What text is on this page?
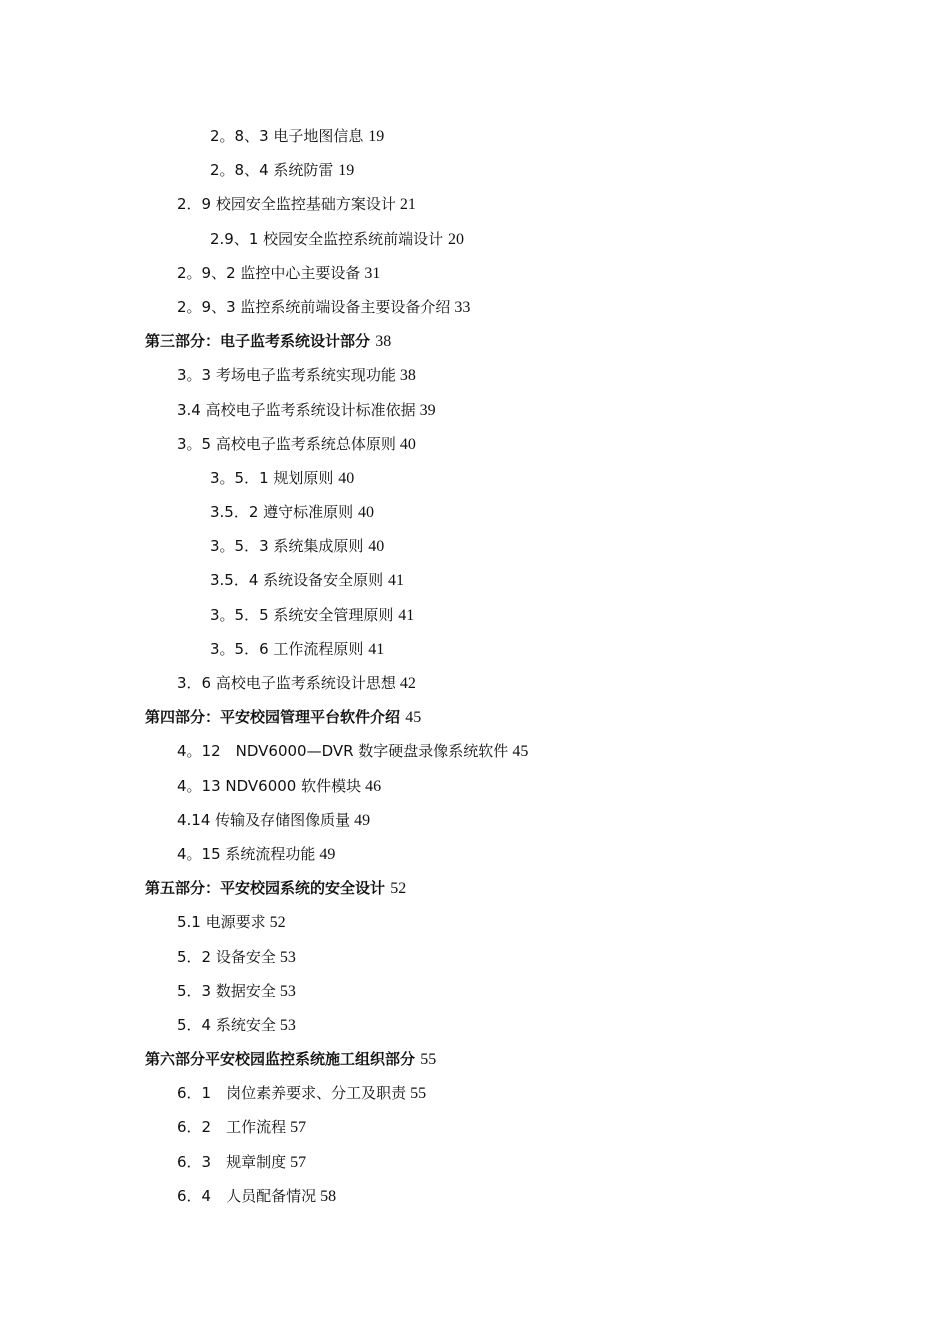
2。8、3 电子地图信息 19
2。8、4 系统防雷 19
2．9 校园安全监控基础方案设计 21
2.9、1 校园安全监控系统前端设计 20
2。9、2 监控中心主要设备 31
2。9、3 监控系统前端设备主要设备介绍 33
第三部分：电子监考系统设计部分 38
3。3 考场电子监考系统实现功能 38
3.4 高校电子监考系统设计标准依据 39
3。5 高校电子监考系统总体原则 40
3。5．1 规划原则 40
3.5．2 遵守标准原则 40
3。5．3 系统集成原则 40
3.5．4 系统设备安全原则 41
3。5．5 系统安全管理原则 41
3。5．6 工作流程原则 41
3．6 高校电子监考系统设计思想 42
第四部分：平安校园管理平台软件介绍 45
4。12　NDV6000—DVR 数字硬盘录像系统软件 45
4。13 NDV6000 软件模块 46
4.14 传输及存储图像质量 49
4。15 系统流程功能 49
第五部分：平安校园系统的安全设计 52
5.1 电源要求 52
5．2 设备安全 53
5．3 数据安全 53
5．4 系统安全 53
第六部分平安校园监控系统施工组织部分 55
6．1　岗位素养要求、分工及职责 55
6．2　工作流程 57
6．3　规章制度 57
6．4　人员配备情况 58
